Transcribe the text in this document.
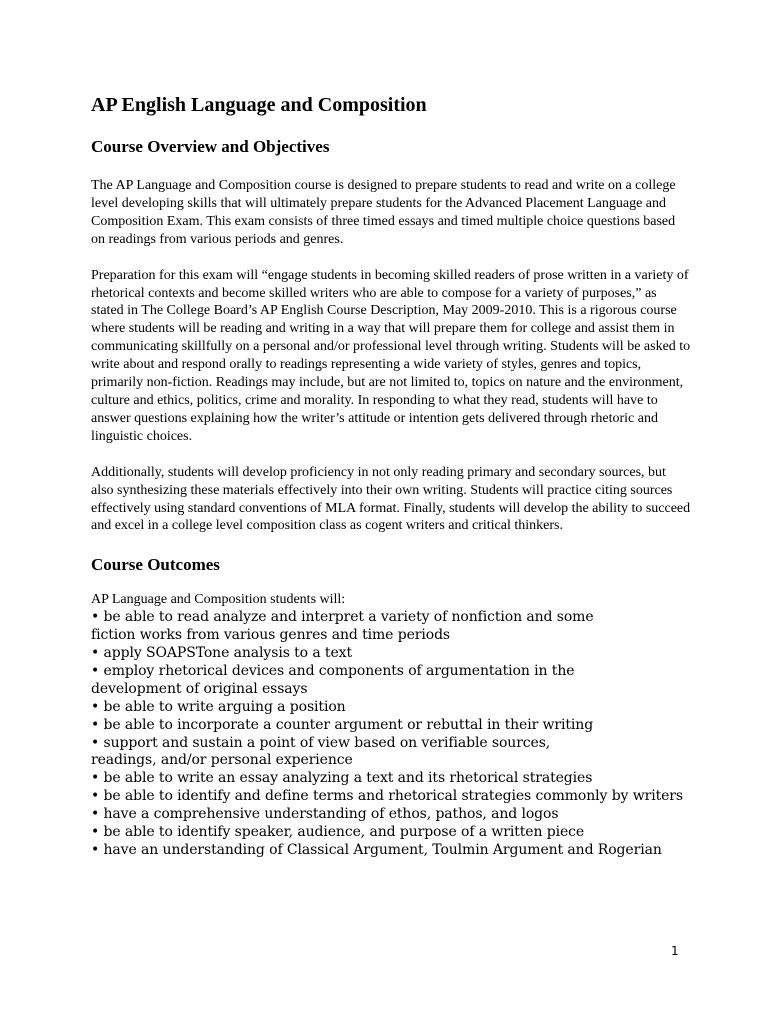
AP English Language and Composition
Course Overview and Objectives

The AP Language and Composition course is designed to prepare students to read and write on a college level developing skills that will ultimately prepare students for the Advanced Placement Language and Composition Exam. This exam consists of three timed essays and timed multiple choice questions based on readings from various periods and genres.

Preparation for this exam will “engage students in becoming skilled readers of prose written in a variety of rhetorical contexts and become skilled writers who are able to compose for a variety of purposes,” as stated in The College Board’s AP English Course Description, May 2009-2010. This is a rigorous course where students will be reading and writing in a way that will prepare them for college and assist them in communicating skillfully on a personal and/or professional level through writing. Students will be asked to write about and respond orally to readings representing a wide variety of styles, genres and topics, primarily non-fiction. Readings may include, but are not limited to, topics on nature and the environment, culture and ethics, politics, crime and morality. In responding to what they read, students will have to answer questions explaining how the writer’s attitude or intention gets delivered through rhetoric and linguistic choices.

Additionally, students will develop proficiency in not only reading primary and secondary sources, but also synthesizing these materials effectively into their own writing. Students will practice citing sources effectively using standard conventions of MLA format. Finally, students will develop the ability to succeed and excel in a college level composition class as cogent writers and critical thinkers.

Course Outcomes

AP Language and Composition students will:

• be able to read analyze and interpret a variety of nonfiction and some fiction works from various genres and time periods

• apply SOAPSTone analysis to a text

• employ rhetorical devices and components of argumentation in the development of original essays

• be able to write arguing a position

• be able to incorporate a counter argument or rebuttal in their writing

• support and sustain a point of view based on verifiable sources, readings, and/or personal experience

• be able to write an essay analyzing a text and its rhetorical strategies

• be able to identify and define terms and rhetorical strategies commonly by writers

• have a comprehensive understanding of ethos, pathos, and logos

• be able to identify speaker, audience, and purpose of a written piece

• have an understanding of Classical Argument, Toulmin Argument and Rogerian

1
